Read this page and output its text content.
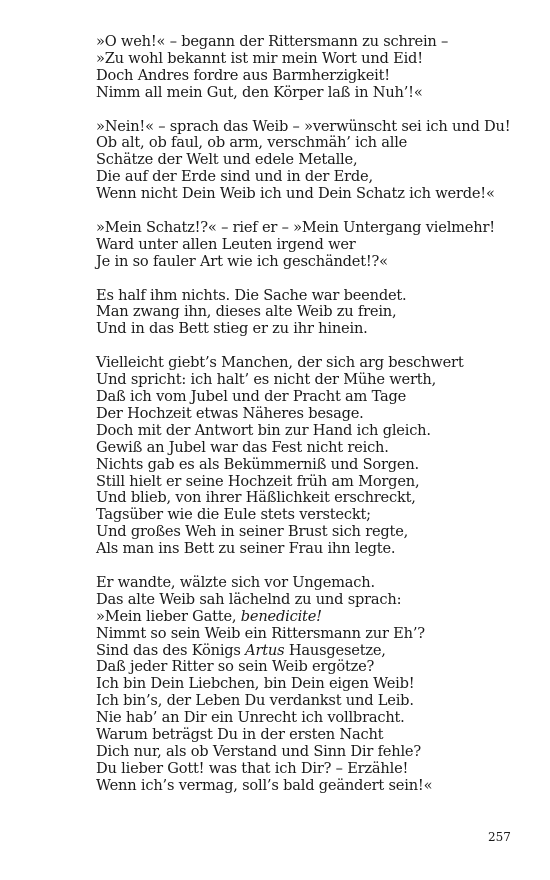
»O weh!« – begann der Rittersmann zu schrein –
»Zu wohl bekannt ist mir mein Wort und Eid!
Doch Andres fordre aus Barmherzigkeit!
Nimm all mein Gut, den Körper laß in Nuh’!«
»Nein!« – sprach das Weib – »verwünscht sei ich und Du!
Ob alt, ob faul, ob arm, verschmäh’ ich alle
Schätze der Welt und edele Metalle,
Die auf der Erde sind und in der Erde,
Wenn nicht Dein Weib ich und Dein Schatz ich werde!«
»Mein Schatz!?« – rief er – »Mein Untergang vielmehr!
Ward unter allen Leuten irgend wer
Je in so fauler Art wie ich geschändet!?«
Es half ihm nichts. Die Sache war beendet.
Man zwang ihn, dieses alte Weib zu frein,
Und in das Bett stieg er zu ihr hinein.
Vielleicht giebt’s Manchen, der sich arg beschwert
Und spricht: ich halt’ es nicht der Mühe werth,
Daß ich vom Jubel und der Pracht am Tage
Der Hochzeit etwas Näheres besage.
Doch mit der Antwort bin zur Hand ich gleich.
Gewiß an Jubel war das Fest nicht reich.
Nichts gab es als Bekümmerniß und Sorgen.
Still hielt er seine Hochzeit früh am Morgen,
Und blieb, von ihrer Häßlichkeit erschreckt,
Tagsüber wie die Eule stets versteckt;
Und großes Weh in seiner Brust sich regte,
Als man ins Bett zu seiner Frau ihn legte.
Er wandte, wälzte sich vor Ungemach.
Das alte Weib sah lächelnd zu und sprach:
»Mein lieber Gatte, benedicite!
Nimmt so sein Weib ein Rittersmann zur Eh’?
Sind das des Königs Artus Hausgesetze,
Daß jeder Ritter so sein Weib ergötze?
Ich bin Dein Liebchen, bin Dein eigen Weib!
Ich bin’s, der Leben Du verdankst und Leib.
Nie hab’ an Dir ein Unrecht ich vollbracht.
Warum beträgst Du in der ersten Nacht
Dich nur, als ob Verstand und Sinn Dir fehle?
Du lieber Gott! was that ich Dir? – Erzähle!
Wenn ich’s vermag, soll’s bald geändert sein!«
257
